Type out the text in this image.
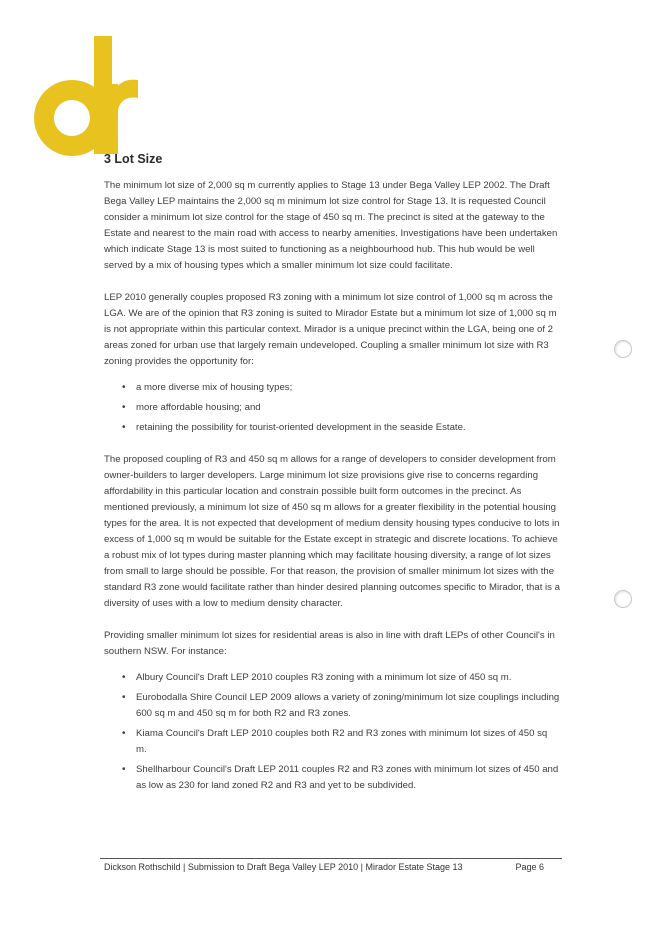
3 Lot Size

The minimum lot size of 2,000 sq m currently applies to Stage 13 under Bega Valley LEP 2002. The Draft Bega Valley LEP maintains the 2,000 sq m minimum lot size control for Stage 13. It is requested Council consider a minimum lot size control for the stage of 450 sq m. The precinct is sited at the gateway to the Estate and nearest to the main road with access to nearby amenities. Investigations have been undertaken which indicate Stage 13 is most suited to functioning as a neighbourhood hub. This hub would be well served by a mix of housing types which a smaller minimum lot size could facilitate.

LEP 2010 generally couples proposed R3 zoning with a minimum lot size control of 1,000 sq m across the LGA. We are of the opinion that R3 zoning is suited to Mirador Estate but a minimum lot size of 1,000 sq m is not appropriate within this particular context. Mirador is a unique precinct within the LGA, being one of 2 areas zoned for urban use that largely remain undeveloped. Coupling a smaller minimum lot size with R3 zoning provides the opportunity for:

• a more diverse mix of housing types;
• more affordable housing; and
• retaining the possibility for tourist-oriented development in the seaside Estate.

The proposed coupling of R3 and 450 sq m allows for a range of developers to consider development from owner-builders to larger developers. Large minimum lot size provisions give rise to concerns regarding affordability in this particular location and constrain possible built form outcomes in the precinct. As mentioned previously, a minimum lot size of 450 sq m allows for a greater flexibility in the potential housing types for the area. It is not expected that development of medium density housing types conducive to lots in excess of 1,000 sq m would be suitable for the Estate except in strategic and discrete locations. To achieve a robust mix of lot types during master planning which may facilitate housing diversity, a range of lot sizes from small to large should be possible. For that reason, the provision of smaller minimum lot sizes with the standard R3 zone would facilitate rather than hinder desired planning outcomes specific to Mirador, that is a diversity of uses with a low to medium density character.

Providing smaller minimum lot sizes for residential areas is also in line with draft LEPs of other Council's in southern NSW. For instance:

• Albury Council's Draft LEP 2010 couples R3 zoning with a minimum lot size of 450 sq m.
• Eurobodalla Shire Council LEP 2009 allows a variety of zoning/minimum lot size couplings including 600 sq m and 450 sq m for both R2 and R3 zones.
• Kiama Council's Draft LEP 2010 couples both R2 and R3 zones with minimum lot sizes of 450 sq m.
• Shellharbour Council's Draft LEP 2011 couples R2 and R3 zones with minimum lot sizes of 450 and as low as 230 for land zoned R2 and R3 and yet to be subdivided.
Dickson Rothschild | Submission to Draft Bega Valley LEP 2010 | Mirador Estate Stage 13	Page 6
